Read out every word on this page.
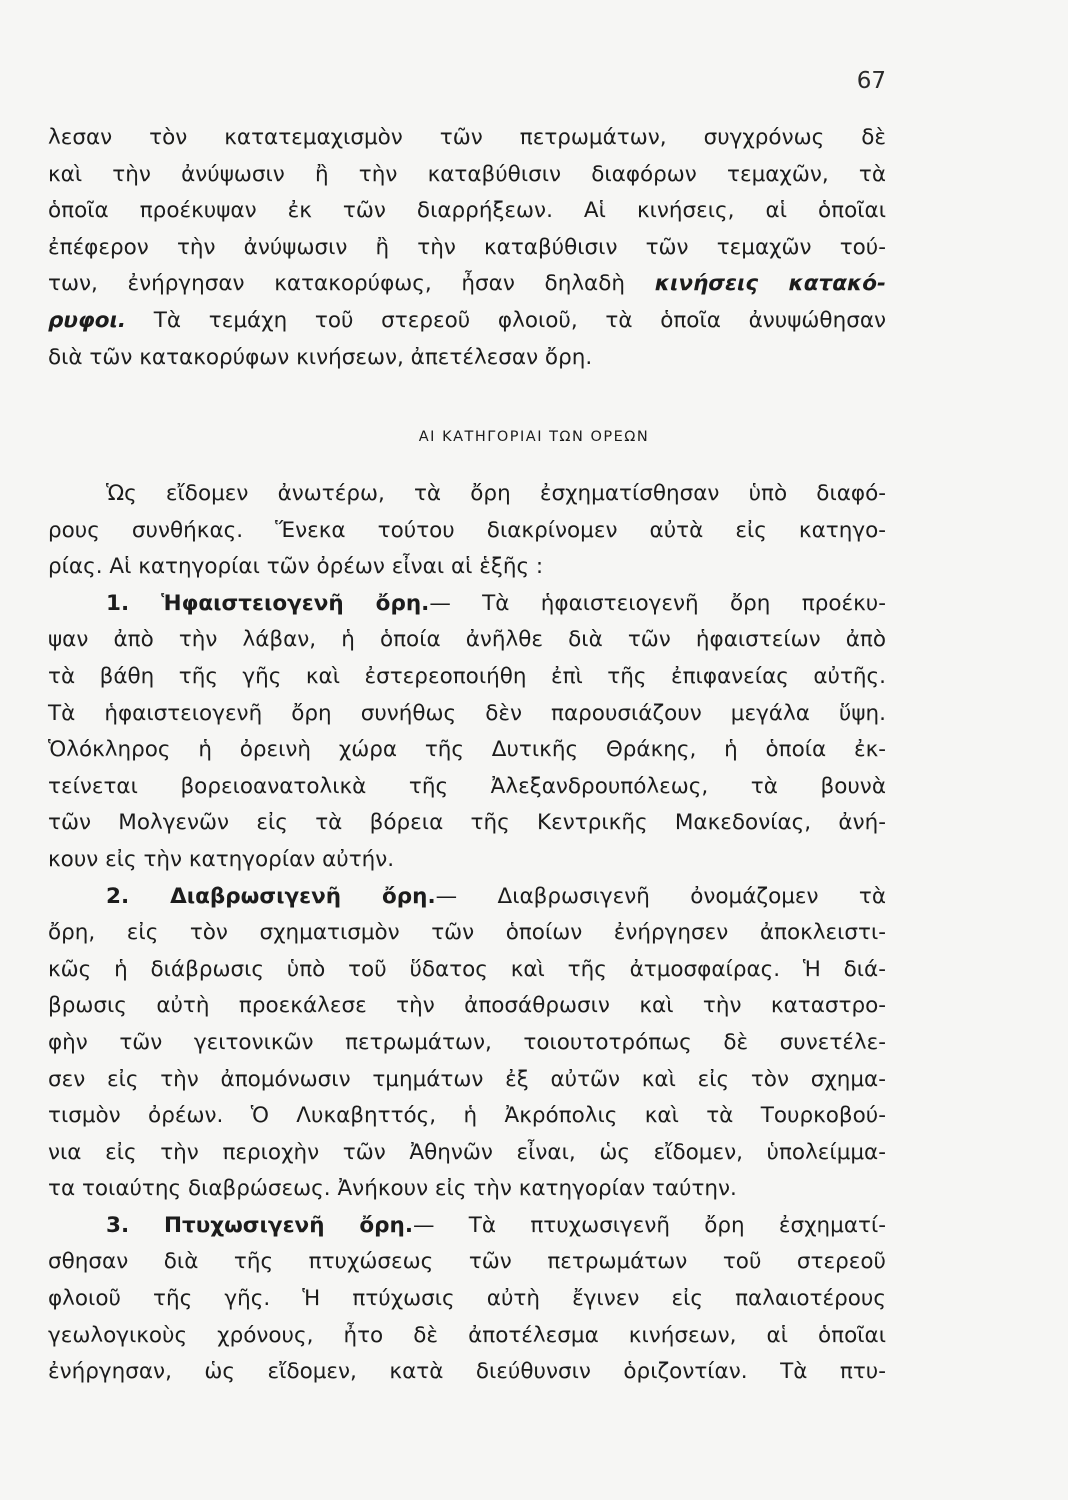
67
λεσαν τὸν κατατεμαχισμὸν τῶν πετρωμάτων, συγχρόνως δὲ
καὶ τὴν ἀνύψωσιν ἢ τὴν καταβύθισιν διαφόρων τεμαχῶν, τὰ
ὁποῖα προέκυψαν ἐκ τῶν διαρρήξεων. Αἱ κινήσεις, αἱ ὁποῖαι
ἐπέφερον τὴν ἀνύψωσιν ἢ τὴν καταβύθισιν τῶν τεμαχῶν τού-
των, ἐνήργησαν κατακορύφως, ἦσαν δηλαδὴ κινήσεις κατακό-
ρυφοι. Τὰ τεμάχη τοῦ στερεοῦ φλοιοῦ, τὰ ὁποῖα ἀνυψώθησαν
διὰ τῶν κατακορύφων κινήσεων, ἀπετέλεσαν ὄρη.
ΑΙ ΚΑΤΗΓΟΡΙΑΙ ΤΩΝ ΟΡΕΩΝ
Ὡς εἴδομεν ἀνωτέρω, τὰ ὄρη ἐσχηματίσθησαν ὑπὸ διαφό-
ρους συνθήκας. Ἕνεκα τούτου διακρίνομεν αὐτὰ εἰς κατηγο-
ρίας. Αἱ κατηγορίαι τῶν ὀρέων εἶναι αἱ ἑξῆς :
1. Ἡφαιστειογενῆ ὄρη.— Τὰ ἡφαιστειογενῆ ὄρη προέκυ-
ψαν ἀπὸ τὴν λάβαν, ἡ ὁποία ἀνῆλθε διὰ τῶν ἡφαιστείων ἀπὸ
τὰ βάθη τῆς γῆς καὶ ἐστερεοποιήθη ἐπὶ τῆς ἐπιφανείας αὐτῆς.
Τὰ ἡφαιστειογενῆ ὄρη συνήθως δὲν παρουσιάζουν μεγάλα ὕψη.
Ὁλόκληρος ἡ ὀρεινὴ χώρα τῆς Δυτικῆς Θράκης, ἡ ὁποία ἐκ-
τείνεται βορειοανατολικὰ τῆς Ἀλεξανδρουπόλεως, τὰ βουνὰ
τῶν Μολγενῶν εἰς τὰ βόρεια τῆς Κεντρικῆς Μακεδονίας, ἀνή-
κουν εἰς τὴν κατηγορίαν αὐτήν.
2. Διαβρωσιγενῆ ὄρη.— Διαβρωσιγενῆ ὀνομάζομεν τὰ
ὄρη, εἰς τὸν σχηματισμὸν τῶν ὁποίων ἐνήργησεν ἀποκλειστι-
κῶς ἡ διάβρωσις ὑπὸ τοῦ ὕδατος καὶ τῆς ἀτμοσφαίρας. Ἡ διά-
βρωσις αὐτὴ προεκάλεσε τὴν ἀποσάθρωσιν καὶ τὴν καταστρο-
φὴν τῶν γειτονικῶν πετρωμάτων, τοιουτοτρόπως δὲ συνετέλε-
σεν εἰς τὴν ἀπομόνωσιν τμημάτων ἐξ αὐτῶν καὶ εἰς τὸν σχημα-
τισμὸν ὀρέων. Ὁ Λυκαβηττός, ἡ Ἀκρόπολις καὶ τὰ Τουρκοβού-
νια εἰς τὴν περιοχὴν τῶν Ἀθηνῶν εἶναι, ὡς εἴδομεν, ὑπολείμμα-
τα τοιαύτης διαβρώσεως. Ἀνήκουν εἰς τὴν κατηγορίαν ταύτην.
3. Πτυχωσιγενῆ ὄρη.— Τὰ πτυχωσιγενῆ ὄρη ἐσχηματί-
σθησαν διὰ τῆς πτυχώσεως τῶν πετρωμάτων τοῦ στερεοῦ
φλοιοῦ τῆς γῆς. Ἡ πτύχωσις αὐτὴ ἔγινεν εἰς παλαιοτέρους
γεωλογικοὺς χρόνους, ἦτο δὲ ἀποτέλεσμα κινήσεων, αἱ ὁποῖαι
ἐνήργησαν, ὡς εἴδομεν, κατὰ διεύθυνσιν ὁριζοντίαν. Τὰ πτυ-
